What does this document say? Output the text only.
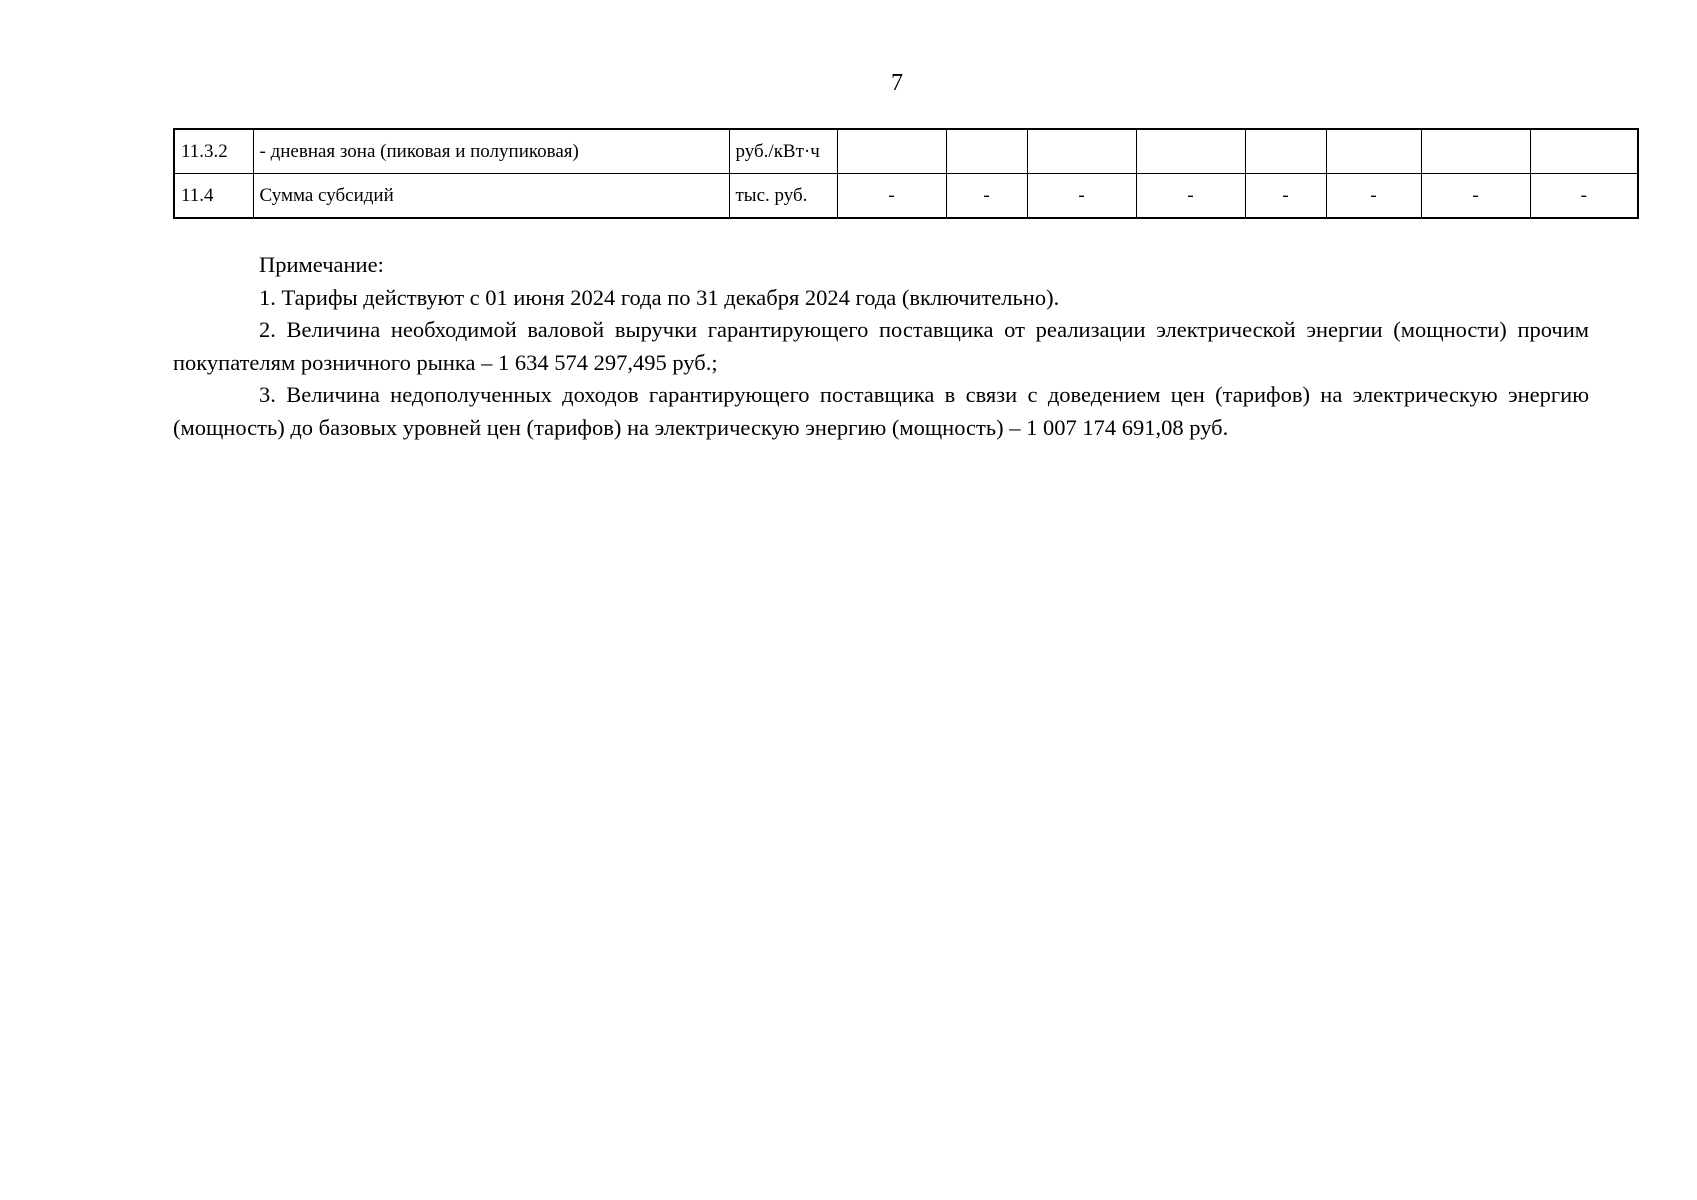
7
11.3.2	- дневная зона (пиковая и полупиковая)	руб./кВт·ч								
11.4	Сумма субсидий	тыс. руб.	-	-	-	-	-	-	-	-

Примечание:

1. Тарифы действуют с 01 июня 2024 года по 31 декабря 2024 года (включительно).

2. Величина необходимой валовой выручки гарантирующего поставщика от реализации электрической энергии (мощности) прочим покупателям розничного рынка – 1 634 574 297,495 руб.;

3. Величина недополученных доходов гарантирующего поставщика в связи с доведением цен (тарифов) на электрическую энергию (мощность) до базовых уровней цен (тарифов) на электрическую энергию (мощность) – 1 007 174 691,08 руб.
